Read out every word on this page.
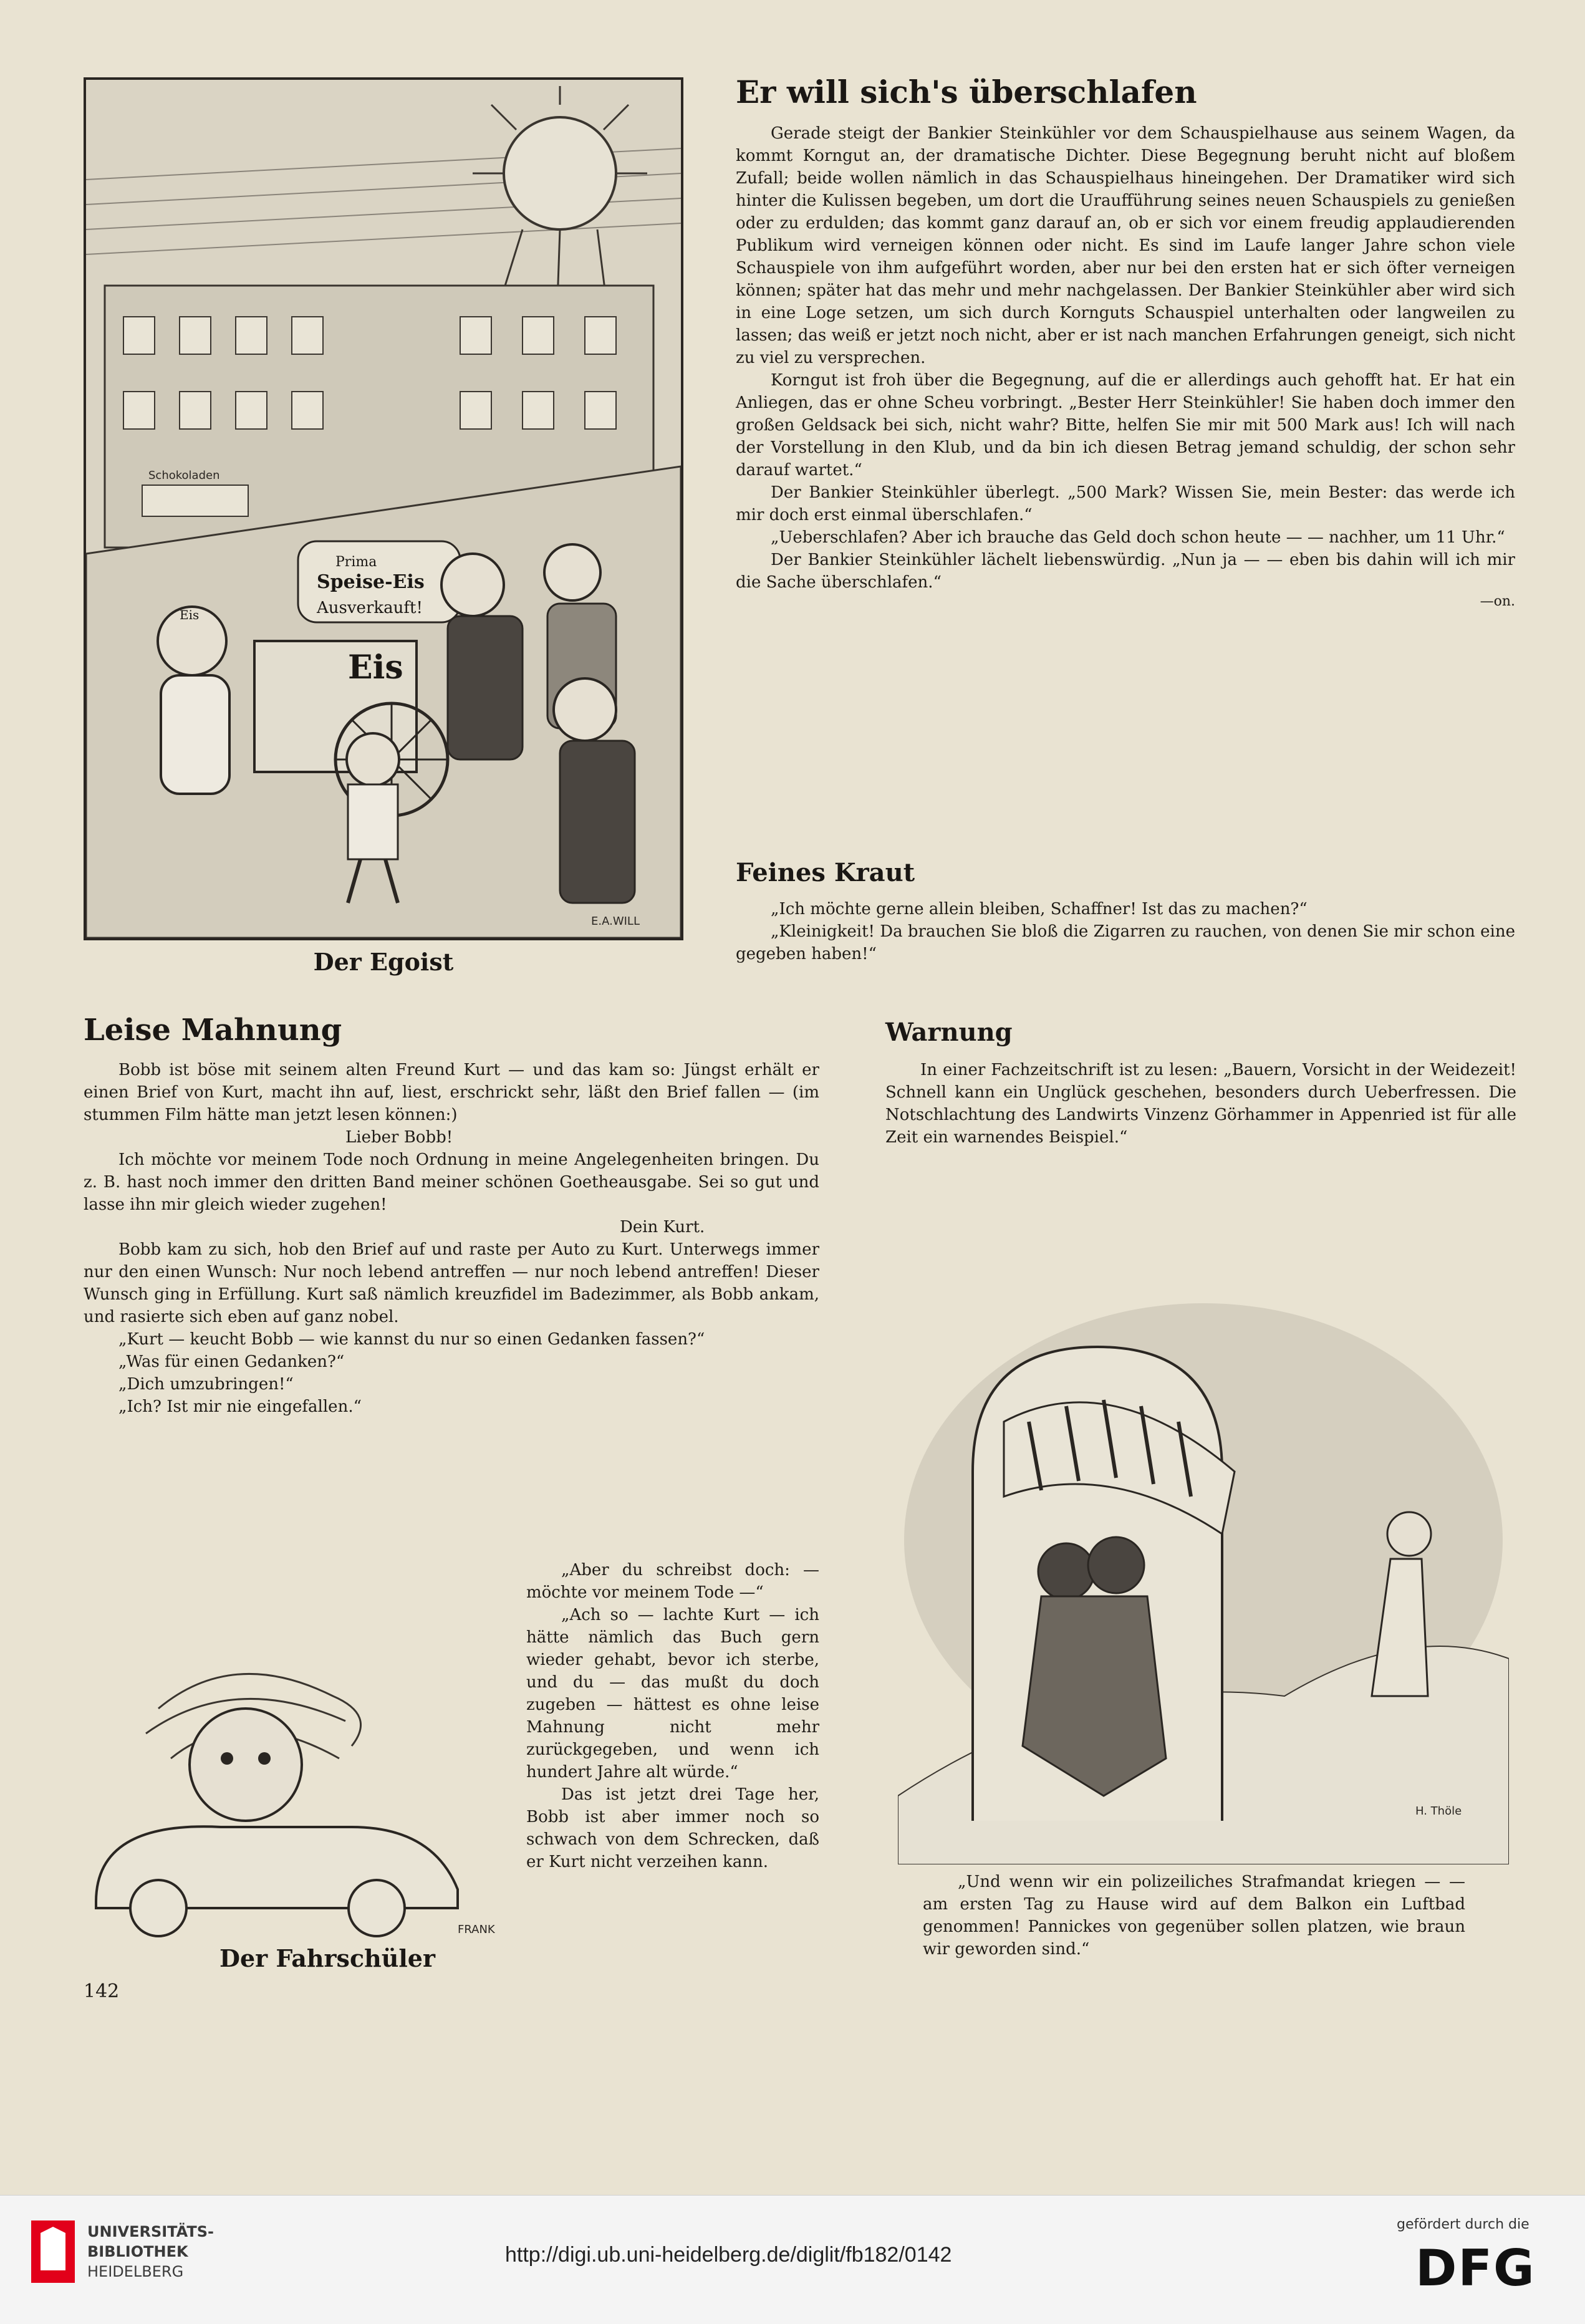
Schokoladen
Eis
Prima
Speise-Eis
Ausverkauft!
Eis
E.A.WILL
Der Egoist
Er will sich's überschlafen

Gerade steigt der Bankier Steinkühler vor dem Schauspielhause aus seinem Wagen, da kommt Korngut an, der dramatische Dichter. Diese Begegnung beruht nicht auf bloßem Zufall; beide wollen nämlich in das Schauspielhaus hineingehen. Der Dramatiker wird sich hinter die Kulissen begeben, um dort die Uraufführung seines neuen Schauspiels zu genießen oder zu erdulden; das kommt ganz darauf an, ob er sich vor einem freudig applaudierenden Publikum wird verneigen können oder nicht. Es sind im Laufe langer Jahre schon viele Schauspiele von ihm aufgeführt worden, aber nur bei den ersten hat er sich öfter verneigen können; später hat das mehr und mehr nachgelassen. Der Bankier Steinkühler aber wird sich in eine Loge setzen, um sich durch Kornguts Schauspiel unterhalten oder langweilen zu lassen; das weiß er jetzt noch nicht, aber er ist nach manchen Erfahrungen geneigt, sich nicht zu viel zu versprechen.

Korngut ist froh über die Begegnung, auf die er allerdings auch gehofft hat. Er hat ein Anliegen, das er ohne Scheu vorbringt. „Bester Herr Steinkühler! Sie haben doch immer den großen Geldsack bei sich, nicht wahr? Bitte, helfen Sie mir mit 500 Mark aus! Ich will nach der Vorstellung in den Klub, und da bin ich diesen Betrag jemand schuldig, der schon sehr darauf wartet.“

Der Bankier Steinkühler überlegt. „500 Mark? Wissen Sie, mein Bester: das werde ich mir doch erst einmal überschlafen.“

„Ueberschlafen? Aber ich brauche das Geld doch schon heute — — nachher, um 11 Uhr.“

Der Bankier Steinkühler lächelt liebenswürdig. „Nun ja — — eben bis dahin will ich mir die Sache überschlafen.“

—on.
Feines Kraut

„Ich möchte gerne allein bleiben, Schaffner! Ist das zu machen?“

„Kleinigkeit! Da brauchen Sie bloß die Zigarren zu rauchen, von denen Sie mir schon eine gegeben haben!“

Leise Mahnung

Bobb ist böse mit seinem alten Freund Kurt — und das kam so: Jüngst erhält er einen Brief von Kurt, macht ihn auf, liest, erschrickt sehr, läßt den Brief fallen — (im stummen Film hätte man jetzt lesen können:)

Lieber Bobb!

Ich möchte vor meinem Tode noch Ordnung in meine Angelegenheiten bringen. Du z. B. hast noch immer den dritten Band meiner schönen Goetheausgabe. Sei so gut und lasse ihn mir gleich wieder zugehen!

Dein Kurt.

Bobb kam zu sich, hob den Brief auf und raste per Auto zu Kurt. Unterwegs immer nur den einen Wunsch: Nur noch lebend antreffen — nur noch lebend antreffen! Dieser Wunsch ging in Erfüllung. Kurt saß nämlich kreuzfidel im Badezimmer, als Bobb ankam, und rasierte sich eben auf ganz nobel.

„Kurt — keucht Bobb — wie kannst du nur so einen Gedanken fassen?“

„Was für einen Gedanken?“

„Dich umzubringen!“

„Ich? Ist mir nie eingefallen.“

„Aber du schreibst doch: — möchte vor meinem Tode —“

„Ach so — lachte Kurt — ich hätte nämlich das Buch gern wieder gehabt, bevor ich sterbe, und du — das mußt du doch zugeben — hättest es ohne leise Mahnung nicht mehr zurückgegeben, und wenn ich hundert Jahre alt würde.“

Das ist jetzt drei Tage her, Bobb ist aber immer noch so schwach von dem Schrecken, daß er Kurt nicht verzeihen kann.

FRANK
Der Fahrschüler
Warnung

In einer Fachzeitschrift ist zu lesen: „Bauern, Vorsicht in der Weidezeit! Schnell kann ein Unglück geschehen, besonders durch Ueberfressen. Die Notschlachtung des Landwirts Vinzenz Görhammer in Appenried ist für alle Zeit ein warnendes Beispiel.“

H. Thöle

„Und wenn wir ein polizeiliches Strafmandat kriegen — — am ersten Tag zu Hause wird auf dem Balkon ein Luftbad genommen! Pannickes von gegenüber sollen platzen, wie braun wir geworden sind.“

142
UNIVERSITÄTS-
BIBLIOTHEK
HEIDELBERG
http://digi.ub.uni-heidelberg.de/diglit/fb182/0142
gefördert durch die
DFG
